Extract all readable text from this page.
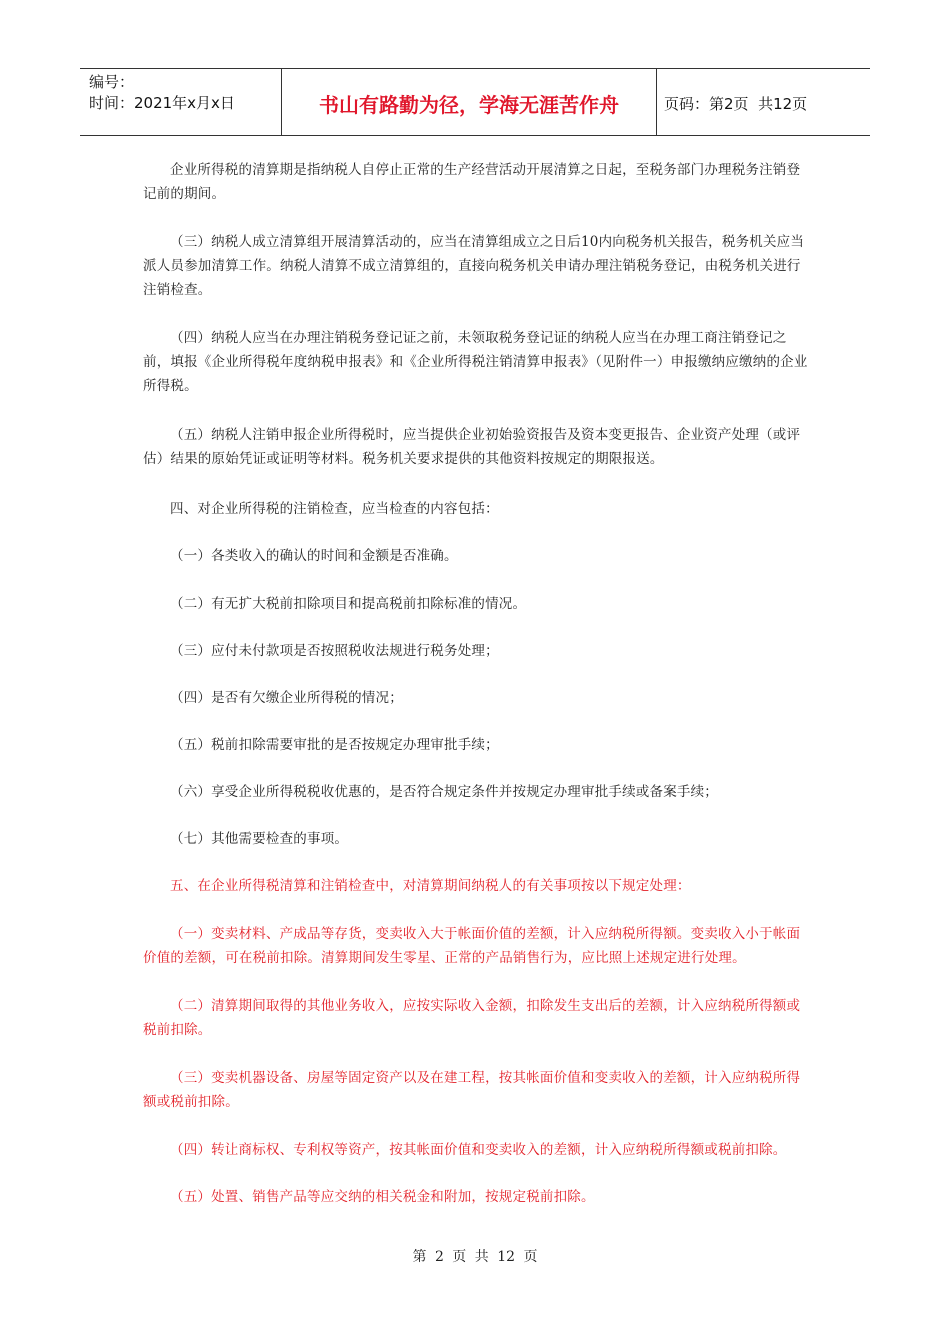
编号：
时间：2021年x月x日	书山有路勤为径，学海无涯苦作舟	页码：第2页  共12页

企业所得税的清算期是指纳税人自停止正常的生产经营活动开展清算之日起，至税务部门办理税务注销登记前的期间。

（三）纳税人成立清算组开展清算活动的，应当在清算组成立之日后10内向税务机关报告，税务机关应当派人员参加清算工作。纳税人清算不成立清算组的，直接向税务机关申请办理注销税务登记，由税务机关进行注销检查。

（四）纳税人应当在办理注销税务登记证之前，未领取税务登记证的纳税人应当在办理工商注销登记之前，填报《企业所得税年度纳税申报表》和《企业所得税注销清算申报表》（见附件一）申报缴纳应缴纳的企业所得税。

（五）纳税人注销申报企业所得税时，应当提供企业初始验资报告及资本变更报告、企业资产处理（或评估）结果的原始凭证或证明等材料。税务机关要求提供的其他资料按规定的期限报送。

四、对企业所得税的注销检查，应当检查的内容包括：

（一）各类收入的确认的时间和金额是否准确。

（二）有无扩大税前扣除项目和提高税前扣除标准的情况。

（三）应付未付款项是否按照税收法规进行税务处理；

（四）是否有欠缴企业所得税的情况；

（五）税前扣除需要审批的是否按规定办理审批手续；

（六）享受企业所得税税收优惠的，是否符合规定条件并按规定办理审批手续或备案手续；

（七）其他需要检查的事项。

五、在企业所得税清算和注销检查中，对清算期间纳税人的有关事项按以下规定处理：

（一）变卖材料、产成品等存货，变卖收入大于帐面价值的差额，计入应纳税所得额。变卖收入小于帐面价值的差额，可在税前扣除。清算期间发生零星、正常的产品销售行为，应比照上述规定进行处理。

（二）清算期间取得的其他业务收入，应按实际收入金额，扣除发生支出后的差额，计入应纳税所得额或税前扣除。

（三）变卖机器设备、房屋等固定资产以及在建工程，按其帐面价值和变卖收入的差额，计入应纳税所得额或税前扣除。

（四）转让商标权、专利权等资产，按其帐面价值和变卖收入的差额，计入应纳税所得额或税前扣除。

（五）处置、销售产品等应交纳的相关税金和附加，按规定税前扣除。

第 2 页 共 12 页
